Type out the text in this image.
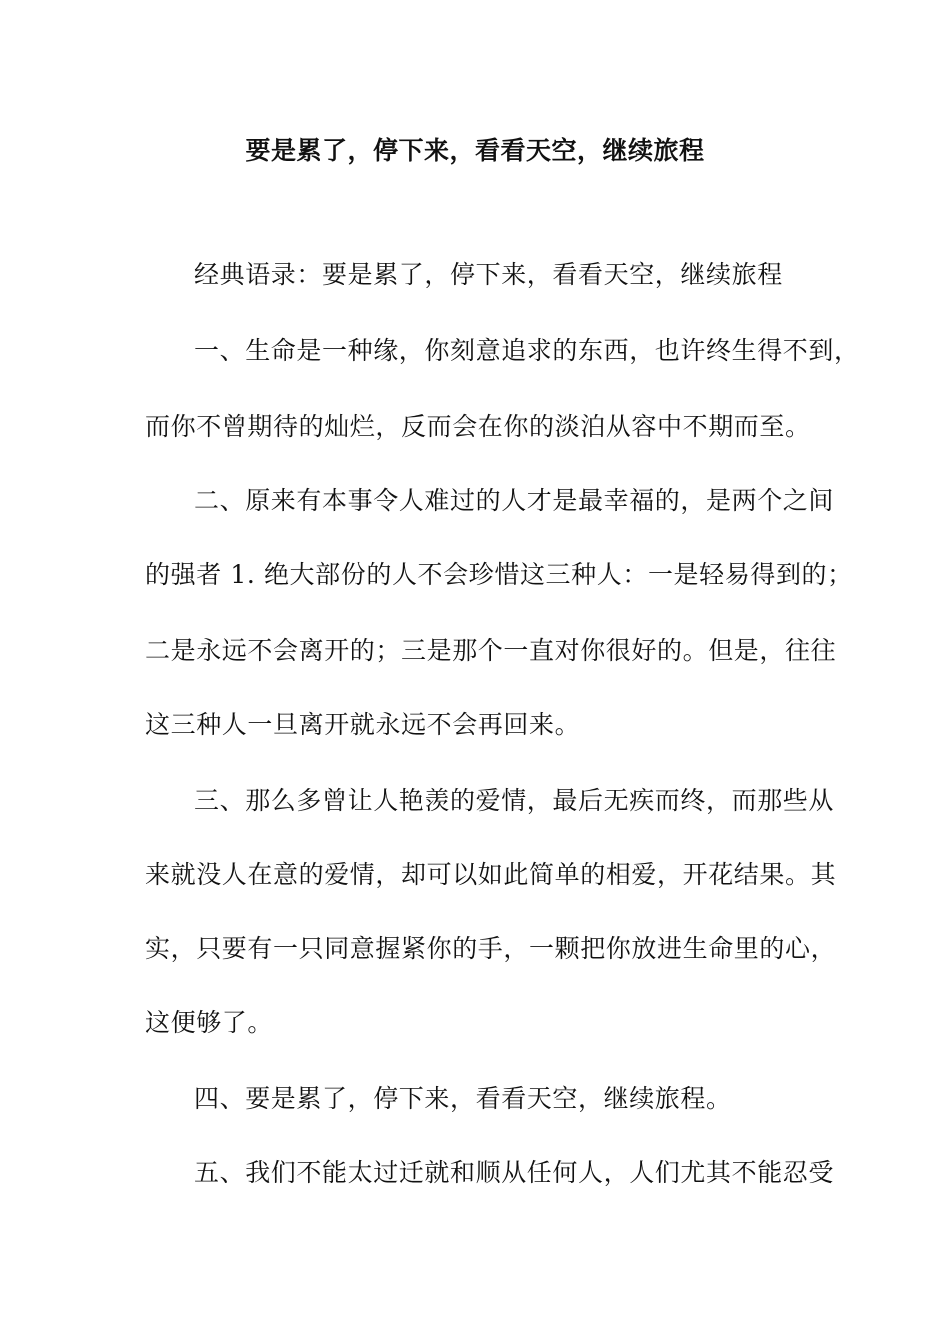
要是累了，停下来，看看天空，继续旅程
经典语录：要是累了，停下来，看看天空，继续旅程
一、生命是一种缘，你刻意追求的东西，也许终生得不到，
而你不曾期待的灿烂，反而会在你的淡泊从容中不期而至。
二、原来有本事令人难过的人才是最幸福的，是两个之间
的强者 1. 绝大部份的人不会珍惜这三种人：一是轻易得到的；
二是永远不会离开的；三是那个一直对你很好的。但是，往往
这三种人一旦离开就永远不会再回来。
三、那么多曾让人艳羡的爱情，最后无疾而终，而那些从
来就没人在意的爱情，却可以如此简单的相爱，开花结果。其
实，只要有一只同意握紧你的手，一颗把你放进生命里的心，
这便够了。
四、要是累了，停下来，看看天空，继续旅程。
五、我们不能太过迁就和顺从任何人，人们尤其不能忍受
